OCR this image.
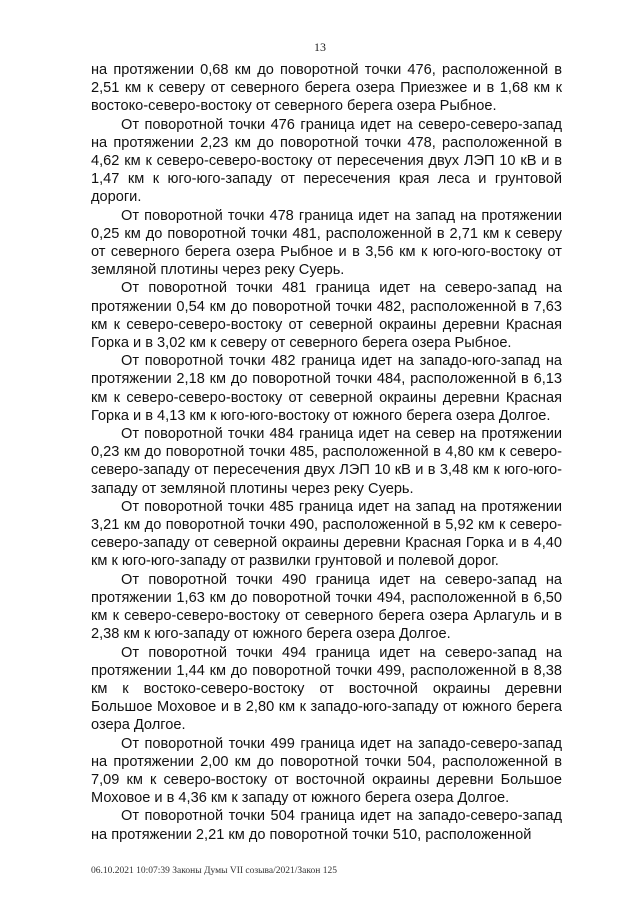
13

на протяжении 0,68 км до поворотной точки 476, расположенной в 2,51 км к северу от северного берега озера Приезжее и в 1,68 км к востоко-северо-востоку от северного берега озера Рыбное.

От поворотной точки 476 граница идет на северо-северо-запад на протяжении 2,23 км до поворотной точки 478, расположенной в 4,62 км к северо-северо-востоку от пересечения двух ЛЭП 10 кВ и в 1,47 км к юго-юго-западу от пересечения края леса и грунтовой дороги.

От поворотной точки 478 граница идет на запад на протяжении 0,25 км до поворотной точки 481, расположенной в 2,71 км к северу от северного берега озера Рыбное и в 3,56 км к юго-юго-востоку от земляной плотины через реку Суерь.

От поворотной точки 481 граница идет на северо-запад на протяжении 0,54 км до поворотной точки 482, расположенной в 7,63 км к северо-северо-востоку от северной окраины деревни Красная Горка и в 3,02 км к северу от северного берега озера Рыбное.

От поворотной точки 482 граница идет на западо-юго-запад на протяжении 2,18 км до поворотной точки 484, расположенной в 6,13 км к северо-северо-востоку от северной окраины деревни Красная Горка и в 4,13 км к юго-юго-востоку от южного берега озера Долгое.

От поворотной точки 484 граница идет на север на протяжении 0,23 км до поворотной точки 485, расположенной в 4,80 км к северо-северо-западу от пересечения двух ЛЭП 10 кВ и в 3,48 км к юго-юго-западу от земляной плотины через реку Суерь.

От поворотной точки 485 граница идет на запад на протяжении 3,21 км до поворотной точки 490, расположенной в 5,92 км к северо-северо-западу от северной окраины деревни Красная Горка и в 4,40 км к юго-юго-западу от развилки грунтовой и полевой дорог.

От поворотной точки 490 граница идет на северо-запад на протяжении 1,63 км до поворотной точки 494, расположенной в 6,50 км к северо-северо-востоку от северного берега озера Арлагуль и в 2,38 км к юго-западу от южного берега озера Долгое.

От поворотной точки 494 граница идет на северо-запад на протяжении 1,44 км до поворотной точки 499, расположенной в 8,38 км к востоко-северо-востоку от восточной окраины деревни Большое Моховое и в 2,80 км к западо-юго-западу от южного берега озера Долгое.

От поворотной точки 499 граница идет на западо-северо-запад на протяжении 2,00 км до поворотной точки 504, расположенной в 7,09 км к северо-востоку от восточной окраины деревни Большое Моховое и в 4,36 км к западу от южного берега озера Долгое.

От поворотной точки 504 граница идет на западо-северо-запад на протяжении 2,21 км до поворотной точки 510, расположенной

06.10.2021 10:07:39 Законы Думы VII созыва/2021/Закон 125
